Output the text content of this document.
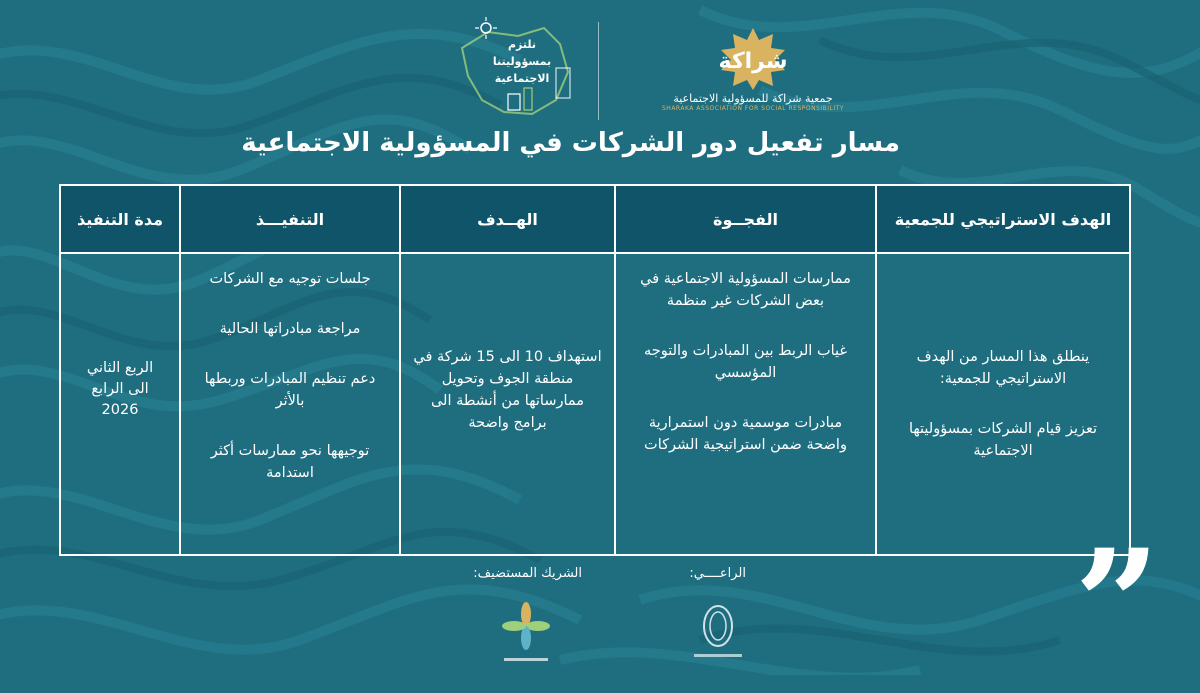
نلتزم
بمسؤوليتنا
الاجتماعية
شراكة
جمعية شراكة للمسؤولية الاجتماعية
SHARAKA ASSOCIATION FOR SOCIAL RESPONSIBILITY
مسار تفعيل دور الشركات في المسؤولية الاجتماعية
الهدف الاستراتيجي للجمعية
الفجــوة
الهــدف
التنفيـــذ
مدة التنفيذ

ينطلق هذا المسار من الهدف الاستراتيجي للجمعية:

تعزيز قيام الشركات بمسؤوليتها الاجتماعية

ممارسات المسؤولية الاجتماعية في بعض الشركات غير منظمة

غياب الربط بين المبادرات والتوجه المؤسسي

مبادرات موسمية دون استمرارية واضحة ضمن استراتيجية الشركات

استهداف 10 الى 15 شركة في منطقة الجوف وتحويل ممارساتها من أنشطة الى برامج واضحة

جلسات توجيه مع الشركات

مراجعة مبادراتها الحالية

دعم تنظيم المبادرات وربطها بالأثر

توجيهها نحو ممارسات أكثر استدامة

الربع الثاني

الى الرابع

2026

الشريك المستضيف:	الراعــــي: ”
